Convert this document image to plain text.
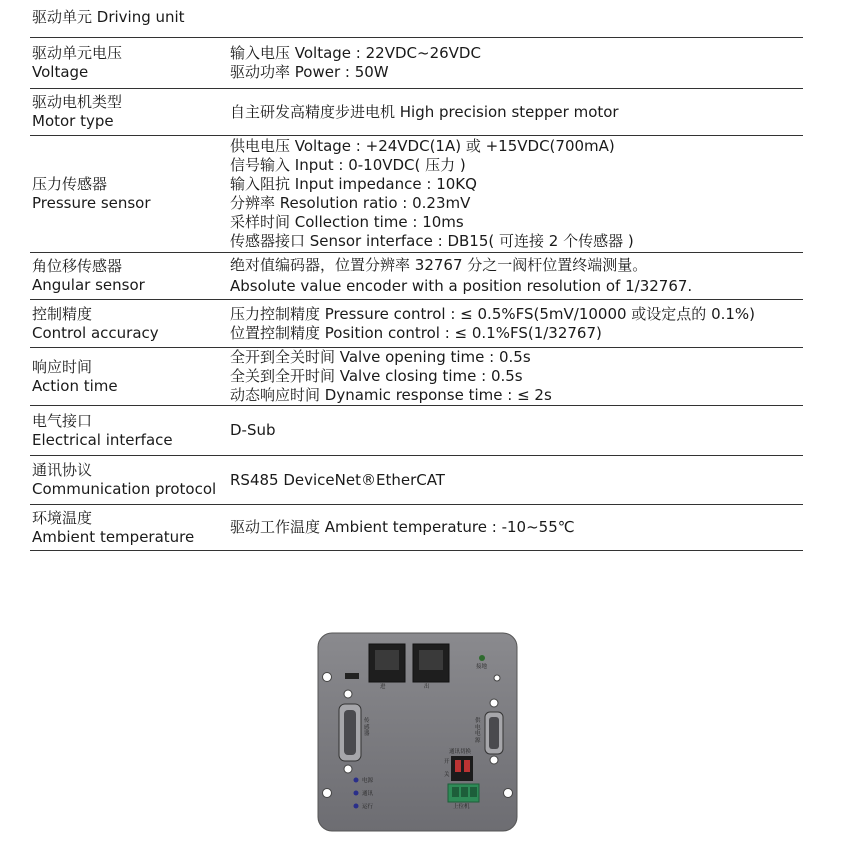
驱动单元 Driving unit
驱动单元电压
Voltage
输入电压 Voltage : 22VDC~26VDC
驱动功率 Power : 50W
驱动电机类型
Motor type
自主研发高精度步进电机 High precision stepper motor
压力传感器
Pressure sensor
供电电压 Voltage : +24VDC(1A) 或 +15VDC(700mA)
信号输入 Input : 0-10VDC( 压力 )
输入阻抗 Input impedance : 10KQ
分辨率 Resolution ratio : 0.23mV
采样时间 Collection time : 10ms
传感器接口 Sensor interface : DB15( 可连接 2 个传感器 )
角位移传感器
Angular sensor
绝对值编码器，位置分辨率 32767 分之一阀杆位置终端测量。
Absolute value encoder with a position resolution of 1/32767.
控制精度
Control accuracy
压力控制精度 Pressure control : ≤ 0.5%FS(5mV/10000 或设定点的 0.1%)
位置控制精度 Position control : ≤ 0.1%FS(1/32767)
响应时间
Action time
全开到全关时间 Valve opening time : 0.5s
全关到全开时间 Valve closing time : 0.5s
动态响应时间 Dynamic response time : ≤ 2s
电气接口
Electrical interface
D-Sub
通讯协议
Communication protocol
RS485 DeviceNet®EtherCAT
环境温度
Ambient temperature
驱动工作温度 Ambient temperature : -10~55℃
进	出
接地
传感器
供电电源
通讯切换
开
关
上位机
电源
通讯
运行
